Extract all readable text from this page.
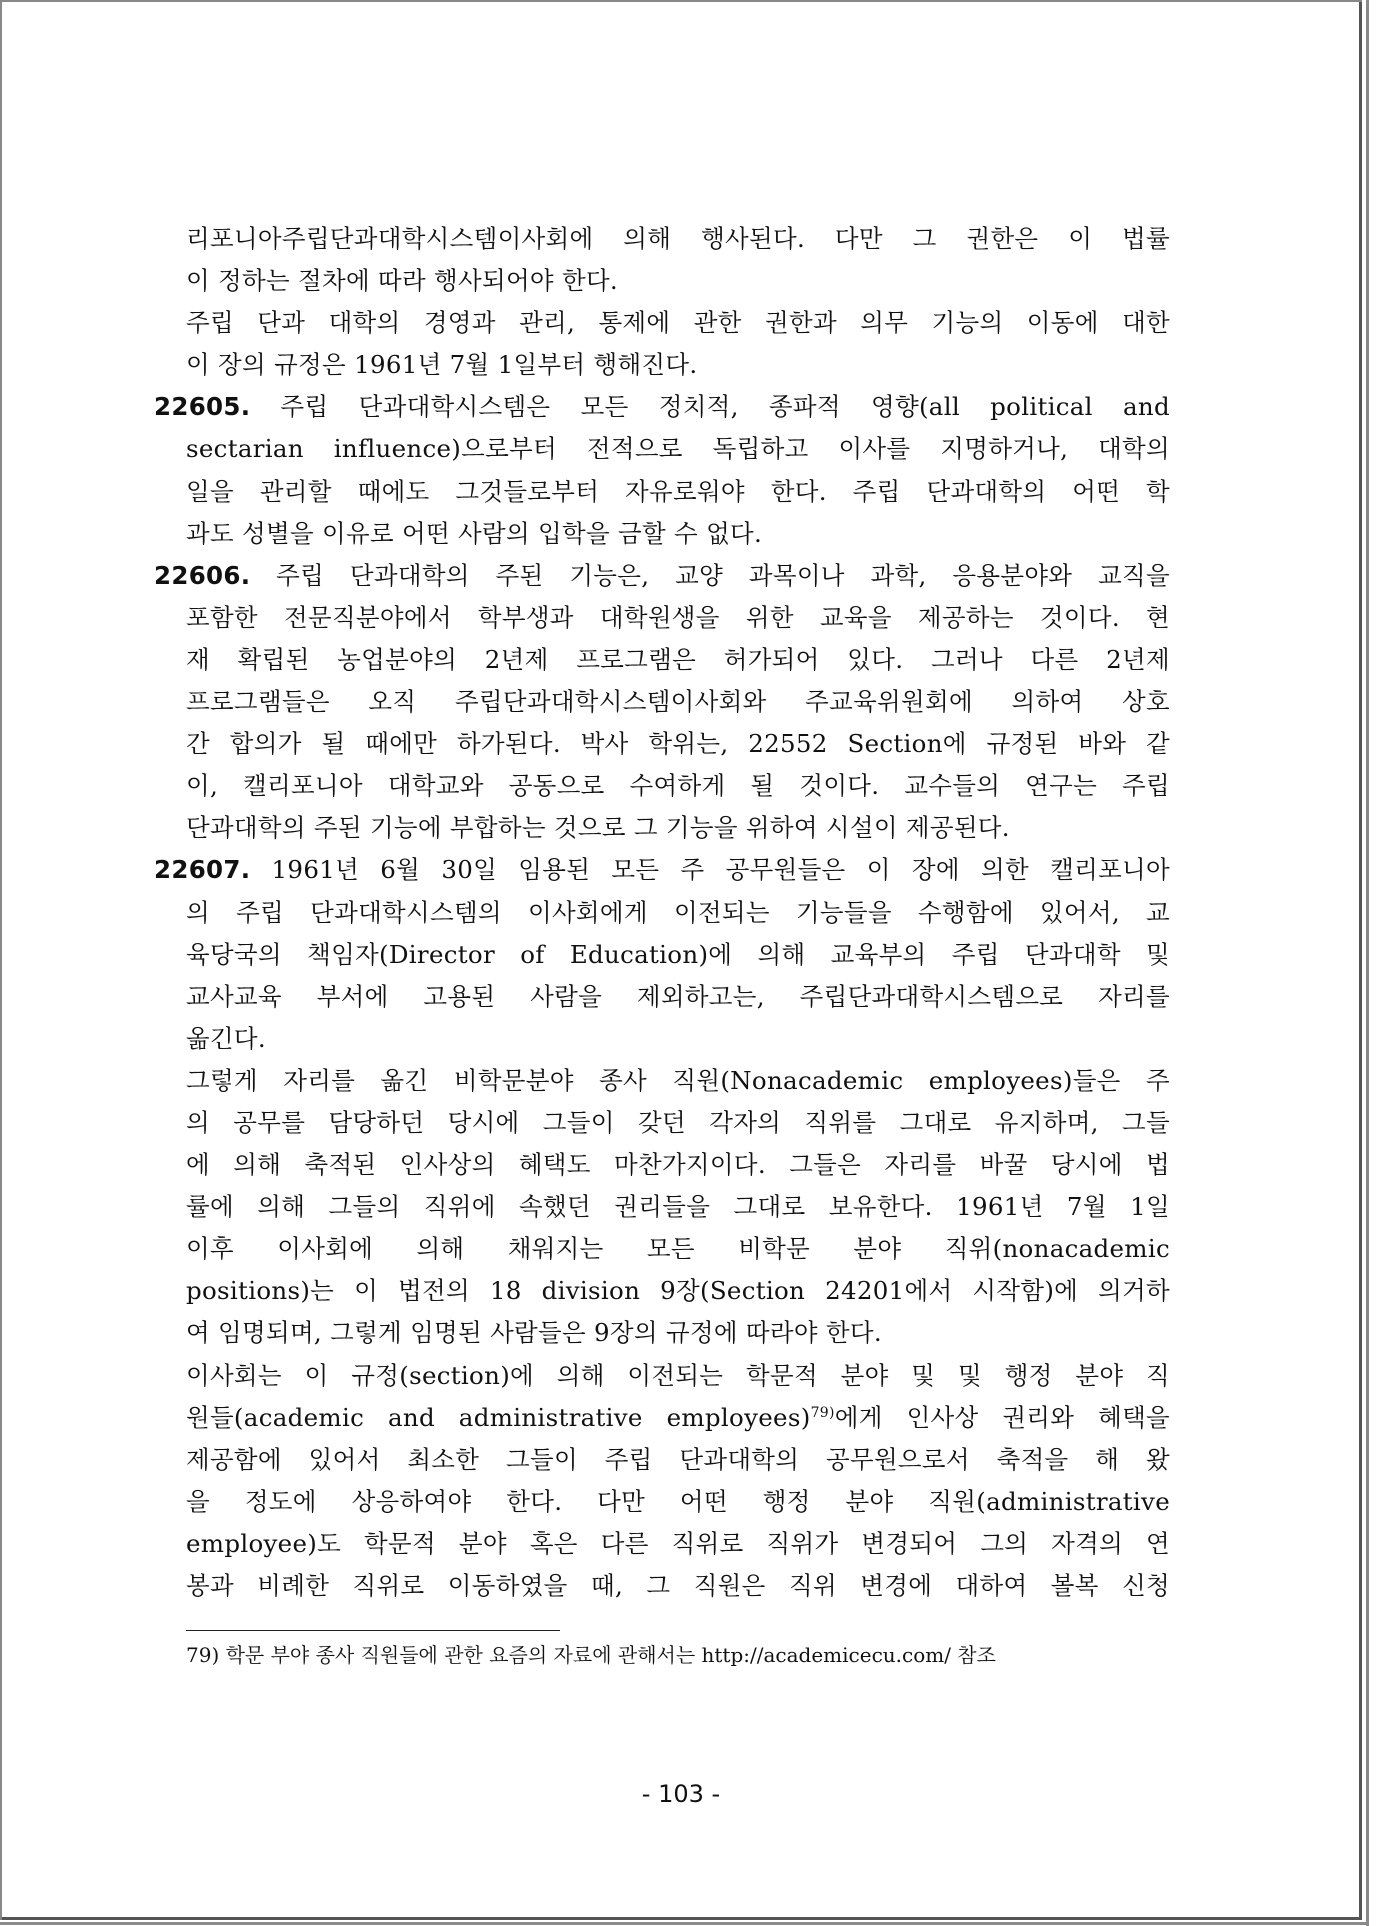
리포니아주립단과대학시스템이사회에 의해 행사된다. 다만 그 권한은 이 법률
이 정하는 절차에 따라 행사되어야 한다.
주립 단과 대학의 경영과 관리, 통제에 관한 권한과 의무 기능의 이동에 대한
이 장의 규정은 1961년 7월 1일부터 행해진다.
22605. 주립 단과대학시스템은 모든 정치적, 종파적 영향(all political and
sectarian influence)으로부터 전적으로 독립하고 이사를 지명하거나, 대학의
일을 관리할 때에도 그것들로부터 자유로워야 한다. 주립 단과대학의 어떤 학
과도 성별을 이유로 어떤 사람의 입학을 금할 수 없다.
22606. 주립 단과대학의 주된 기능은, 교양 과목이나 과학, 응용분야와 교직을
포함한 전문직분야에서 학부생과 대학원생을 위한 교육을 제공하는 것이다. 현
재 확립된 농업분야의 2년제 프로그램은 허가되어 있다. 그러나 다른 2년제
프로그램들은 오직 주립단과대학시스템이사회와 주교육위원회에 의하여 상호
간 합의가 될 때에만 하가된다. 박사 학위는, 22552 Section에 규정된 바와 같
이, 캘리포니아 대학교와 공동으로 수여하게 될 것이다. 교수들의 연구는 주립
단과대학의 주된 기능에 부합하는 것으로 그 기능을 위하여 시설이 제공된다.
22607. 1961년 6월 30일 임용된 모든 주 공무원들은 이 장에 의한 캘리포니아
의 주립 단과대학시스템의 이사회에게 이전되는 기능들을 수행함에 있어서, 교
육당국의 책임자(Director of Education)에 의해 교육부의 주립 단과대학 및
교사교육 부서에 고용된 사람을 제외하고는, 주립단과대학시스템으로 자리를
옮긴다.
그렇게 자리를 옮긴 비학문분야 종사 직원(Nonacademic employees)들은 주
의 공무를 담당하던 당시에 그들이 갖던 각자의 직위를 그대로 유지하며, 그들
에 의해 축적된 인사상의 혜택도 마찬가지이다. 그들은 자리를 바꿀 당시에 법
률에 의해 그들의 직위에 속했던 권리들을 그대로 보유한다. 1961년 7월 1일
이후 이사회에 의해 채워지는 모든 비학문 분야 직위(nonacademic
positions)는 이 법전의 18 division 9장(Section 24201에서 시작함)에 의거하
여 임명되며, 그렇게 임명된 사람들은 9장의 규정에 따라야 한다.
이사회는 이 규정(section)에 의해 이전되는 학문적 분야 및 및 행정 분야 직
원들(academic and administrative employees)$^{79)}$에게 인사상 권리와 혜택을
제공함에 있어서 최소한 그들이 주립 단과대학의 공무원으로서 축적을 해 왔
을 정도에 상응하여야 한다. 다만 어떤 행정 분야 직원(administrative
employee)도 학문적 분야 혹은 다른 직위로 직위가 변경되어 그의 자격의 연
봉과 비례한 직위로 이동하였을 때, 그 직원은 직위 변경에 대하여 볼복 신청
79) 학문 부야 종사 직원들에 관한 요즘의 자료에 관해서는 http://academicecu.com/ 참조
- 103 -
